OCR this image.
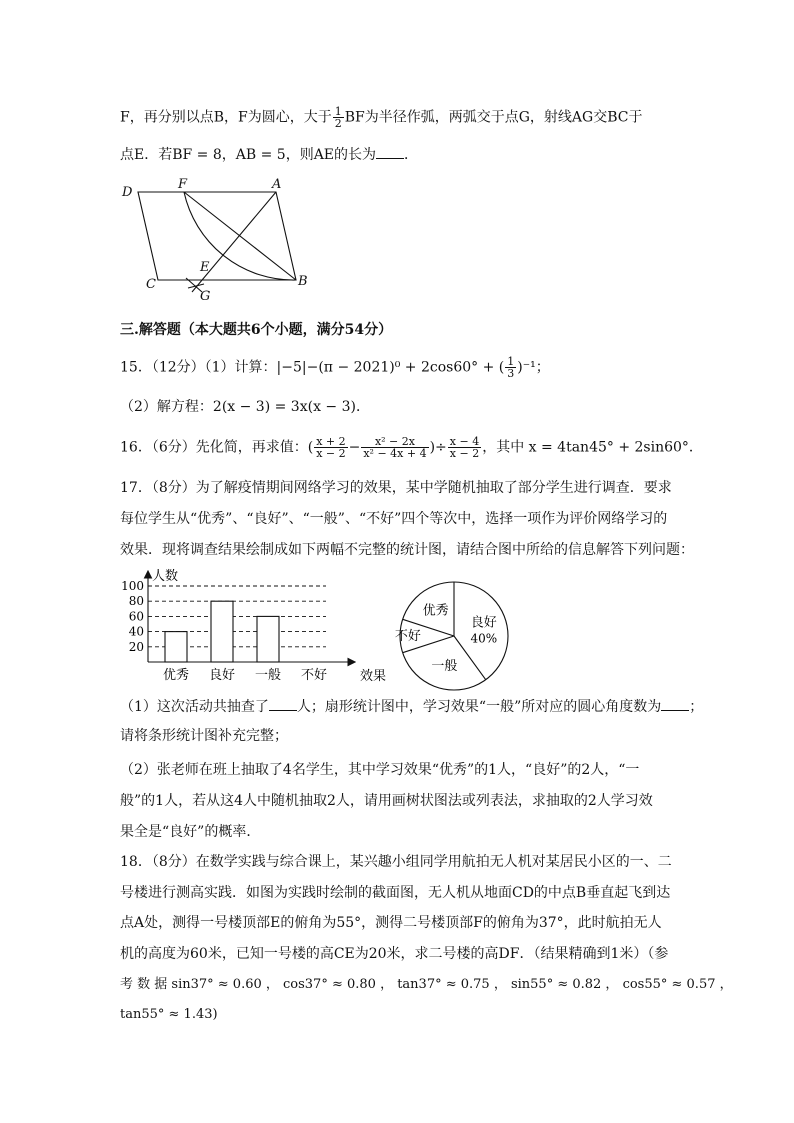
F，再分别以点B，F为圆心，大于 $\frac{1}{2}$ BF为半径作弧，两弧交于点G，射线AG交BC于
点E．若BF = 8，AB = 5，则AE的长为 ．
D
F	A
C
E
B
G
三.解答题（本大题共6个小题，满分54分）
15．（12分）（1）计算：|−5|−(π − 2021)⁰ + 2cos60° + ( $\frac{1}{3} )^{-1}$；
（2）解方程：2(x − 3) = 3x(x − 3)．
16．（6分）先化简，再求值：( $\frac{x + 2}{x - 2} - \frac{\text{x² − 2x}}{\text{x² − 4x + 4}}$ )÷ $\frac{x - 4}{x - 2}$ ，其中 x = 4tan45° + 2sin60°．
17．（8分）为了解疫情期间网络学习的效果，某中学随机抽取了部分学生进行调查．要求
每位学生从“优秀”、“良好”、“一般”、“不好”四个等次中，选择一项作为评价网络学习的
效果．现将调查结果绘制成如下两幅不完整的统计图，请结合图中所给的信息解答下列问题：
人数
效果
20
40
60
80
100
优秀 良好 一般 不好
良好
40%
一般
不好
优秀
（1）这次活动共抽查了 人；扇形统计图中，学习效果“一般”所对应的圆心角度数为 ；
请将条形统计图补充完整；
（2）张老师在班上抽取了4名学生，其中学习效果“优秀”的1人，“良好”的2人，“一
般”的1人，若从这4人中随机抽取2人，请用画树状图法或列表法，求抽取的2人学习效
果全是“良好”的概率．
18．（8分）在数学实践与综合课上，某兴趣小组同学用航拍无人机对某居民小区的一、二
号楼进行测高实践．如图为实践时绘制的截面图，无人机从地面CD的中点B垂直起飞到达
点A处，测得一号楼顶部E的俯角为55°，测得二号楼顶部F的俯角为37°，此时航拍无人
机的高度为60米，已知一号楼的高CE为20米，求二号楼的高DF．（结果精确到1米）（参
考 数 据 sin37° ≈ 0.60 ， cos37° ≈ 0.80 ， tan37° ≈ 0.75 ， sin55° ≈ 0.82 ， cos55° ≈ 0.57 ，
tan55° ≈ 1.43)
